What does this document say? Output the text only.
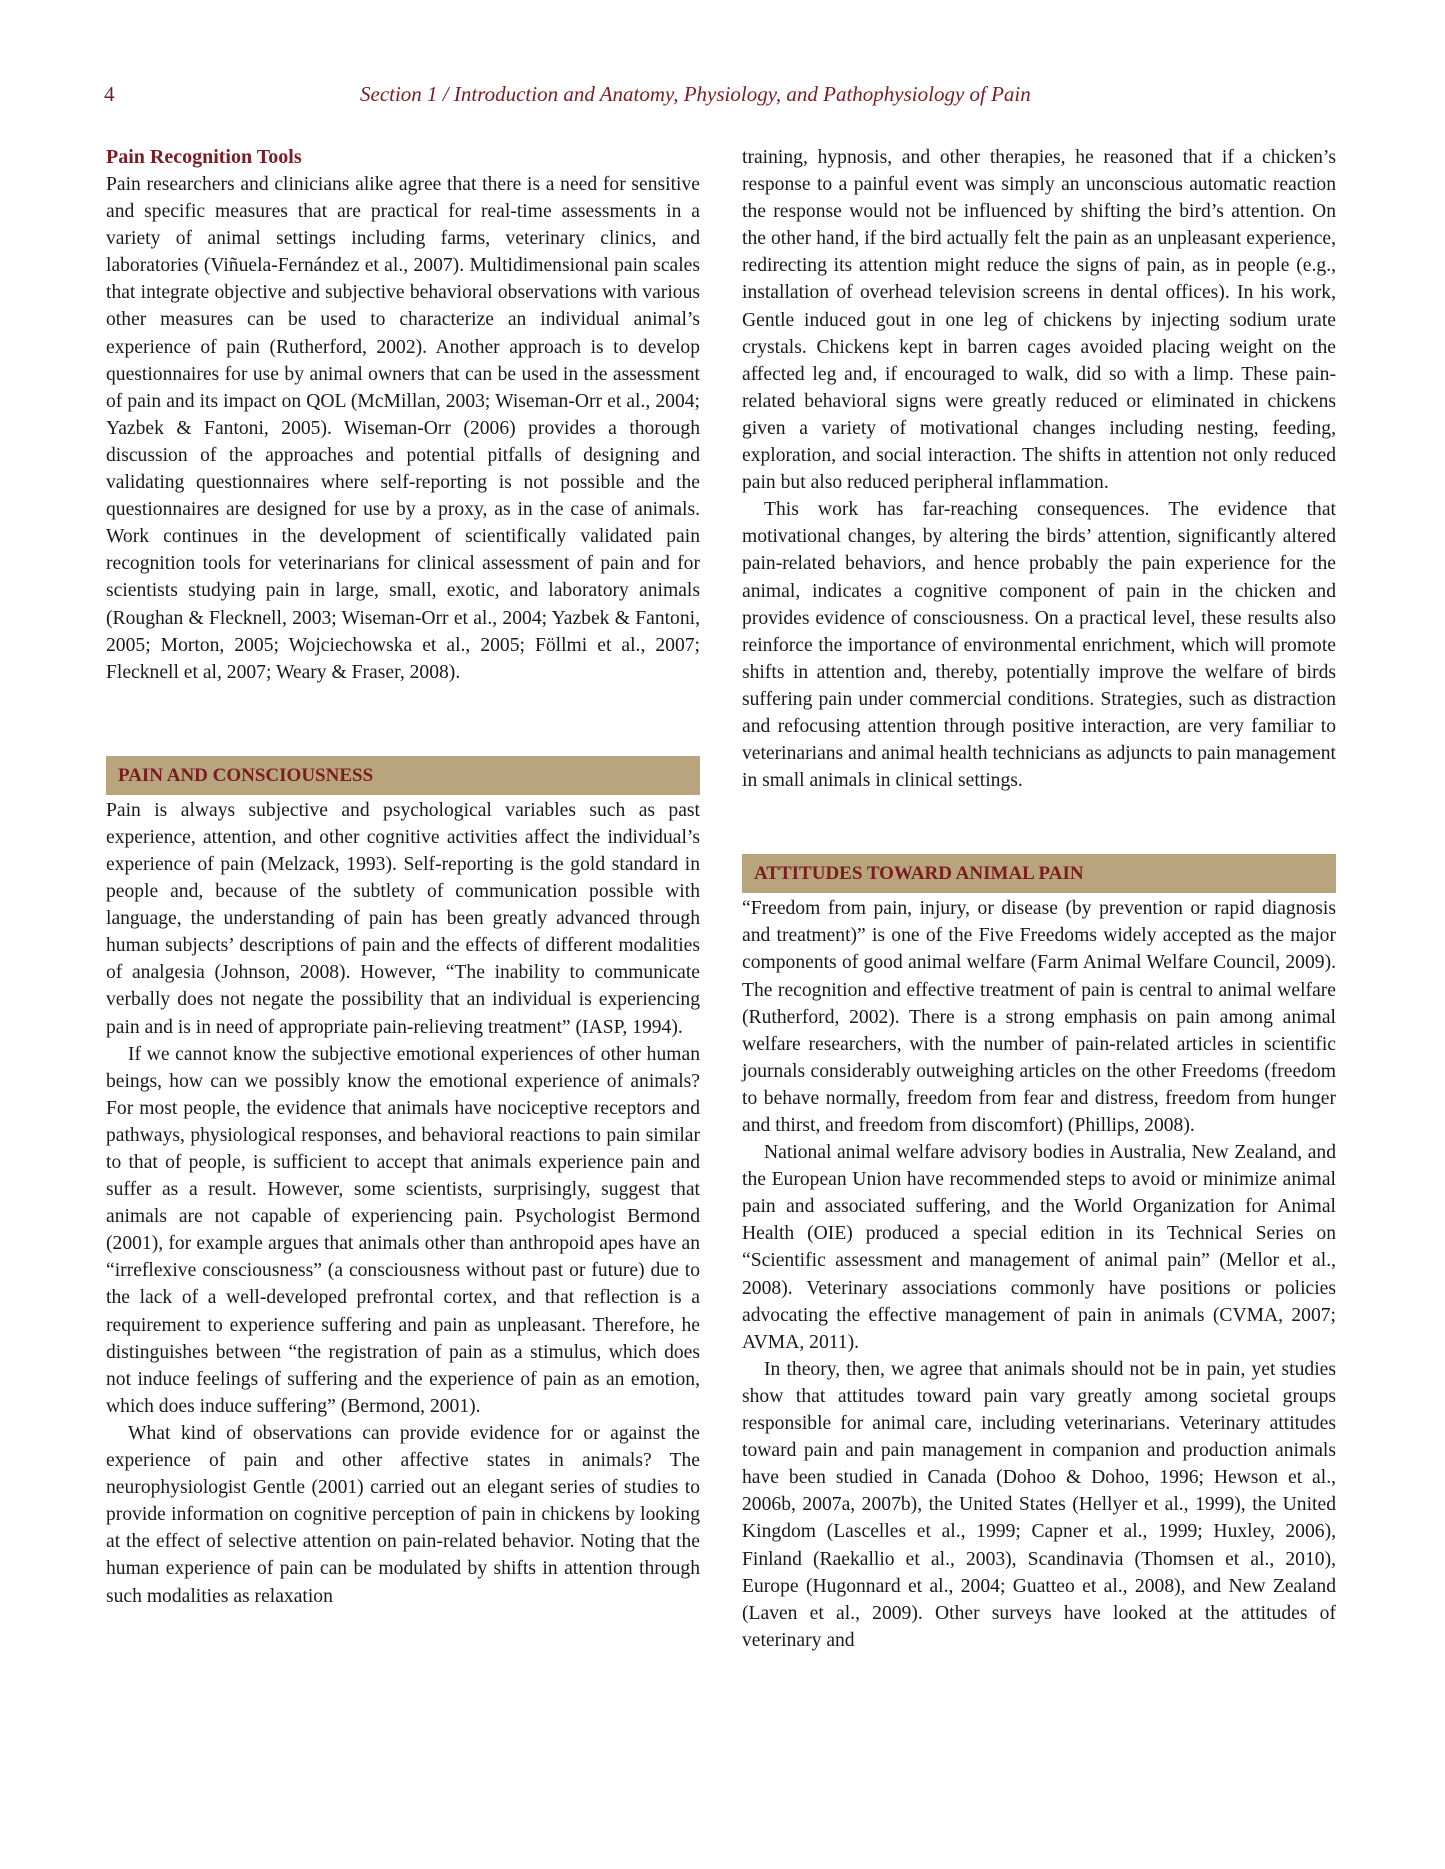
4	Section 1 / Introduction and Anatomy, Physiology, and Pathophysiology of Pain
Pain Recognition Tools

Pain researchers and clinicians alike agree that there is a need for sensitive and specific measures that are practical for real-time assessments in a variety of animal settings including farms, veterinary clinics, and laboratories (Viñuela-Fernández et al., 2007). Multidimensional pain scales that integrate objective and subjective behavioral observations with various other measures can be used to characterize an individual animal’s experience of pain (Rutherford, 2002). Another approach is to develop questionnaires for use by animal owners that can be used in the assessment of pain and its impact on QOL (McMillan, 2003; Wiseman-Orr et al., 2004; Yazbek & Fantoni, 2005). Wiseman-Orr (2006) provides a thorough discussion of the approaches and potential pitfalls of designing and validating questionnaires where self-reporting is not possible and the questionnaires are designed for use by a proxy, as in the case of animals. Work continues in the development of scientifically validated pain recognition tools for veterinarians for clinical assessment of pain and for scientists studying pain in large, small, exotic, and laboratory animals (Roughan & Flecknell, 2003; Wiseman-Orr et al., 2004; Yazbek & Fantoni, 2005; Morton, 2005; Wojciechowska et al., 2005; Föllmi et al., 2007; Flecknell et al, 2007; Weary & Fraser, 2008).

PAIN AND CONSCIOUSNESS

Pain is always subjective and psychological variables such as past experience, attention, and other cognitive activities affect the individual’s experience of pain (Melzack, 1993). Self-reporting is the gold standard in people and, because of the subtlety of communication possible with language, the understanding of pain has been greatly advanced through human subjects’ descriptions of pain and the effects of different modalities of analgesia (Johnson, 2008). However, “The inability to communicate verbally does not negate the possibility that an individual is experiencing pain and is in need of appropriate pain-relieving treatment” (IASP, 1994).

If we cannot know the subjective emotional experiences of other human beings, how can we possibly know the emotional experience of animals? For most people, the evidence that animals have nociceptive receptors and pathways, physiological responses, and behavioral reactions to pain similar to that of people, is sufficient to accept that animals experience pain and suffer as a result. However, some scientists, surprisingly, suggest that animals are not capable of experiencing pain. Psychologist Bermond (2001), for example argues that animals other than anthropoid apes have an “irreflexive consciousness” (a consciousness without past or future) due to the lack of a well-developed prefrontal cortex, and that reflection is a requirement to experience suffering and pain as unpleasant. Therefore, he distinguishes between “the registration of pain as a stimulus, which does not induce feelings of suffering and the experience of pain as an emotion, which does induce suffering” (Bermond, 2001).

What kind of observations can provide evidence for or against the experience of pain and other affective states in animals? The neurophysiologist Gentle (2001) carried out an elegant series of studies to provide information on cognitive perception of pain in chickens by looking at the effect of selective attention on pain-related behavior. Noting that the human experience of pain can be modulated by shifts in attention through such modalities as relaxation

training, hypnosis, and other therapies, he reasoned that if a chicken’s response to a painful event was simply an unconscious automatic reaction the response would not be influenced by shifting the bird’s attention. On the other hand, if the bird actually felt the pain as an unpleasant experience, redirecting its attention might reduce the signs of pain, as in people (e.g., installation of overhead television screens in dental offices). In his work, Gentle induced gout in one leg of chickens by injecting sodium urate crystals. Chickens kept in barren cages avoided placing weight on the affected leg and, if encouraged to walk, did so with a limp. These pain-related behavioral signs were greatly reduced or eliminated in chickens given a variety of motivational changes including nesting, feeding, exploration, and social interaction. The shifts in attention not only reduced pain but also reduced peripheral inflammation.

This work has far-reaching consequences. The evidence that motivational changes, by altering the birds’ attention, significantly altered pain-related behaviors, and hence probably the pain experience for the animal, indicates a cognitive component of pain in the chicken and provides evidence of consciousness. On a practical level, these results also reinforce the importance of environmental enrichment, which will promote shifts in attention and, thereby, potentially improve the welfare of birds suffering pain under commercial conditions. Strategies, such as distraction and refocusing attention through positive interaction, are very familiar to veterinarians and animal health technicians as adjuncts to pain management in small animals in clinical settings.

ATTITUDES TOWARD ANIMAL PAIN

“Freedom from pain, injury, or disease (by prevention or rapid diagnosis and treatment)” is one of the Five Freedoms widely accepted as the major components of good animal welfare (Farm Animal Welfare Council, 2009). The recognition and effective treatment of pain is central to animal welfare (Rutherford, 2002). There is a strong emphasis on pain among animal welfare researchers, with the number of pain-related articles in scientific journals considerably outweighing articles on the other Freedoms (freedom to behave normally, freedom from fear and distress, freedom from hunger and thirst, and freedom from discomfort) (Phillips, 2008).

National animal welfare advisory bodies in Australia, New Zealand, and the European Union have recommended steps to avoid or minimize animal pain and associated suffering, and the World Organization for Animal Health (OIE) produced a special edition in its Technical Series on “Scientific assessment and management of animal pain” (Mellor et al., 2008). Veterinary associations commonly have positions or policies advocating the effective management of pain in animals (CVMA, 2007; AVMA, 2011).

In theory, then, we agree that animals should not be in pain, yet studies show that attitudes toward pain vary greatly among societal groups responsible for animal care, including veterinarians. Veterinary attitudes toward pain and pain management in companion and production animals have been studied in Canada (Dohoo & Dohoo, 1996; Hewson et al., 2006b, 2007a, 2007b), the United States (Hellyer et al., 1999), the United Kingdom (Lascelles et al., 1999; Capner et al., 1999; Huxley, 2006), Finland (Raekallio et al., 2003), Scandinavia (Thomsen et al., 2010), Europe (Hugonnard et al., 2004; Guatteo et al., 2008), and New Zealand (Laven et al., 2009). Other surveys have looked at the attitudes of veterinary and
